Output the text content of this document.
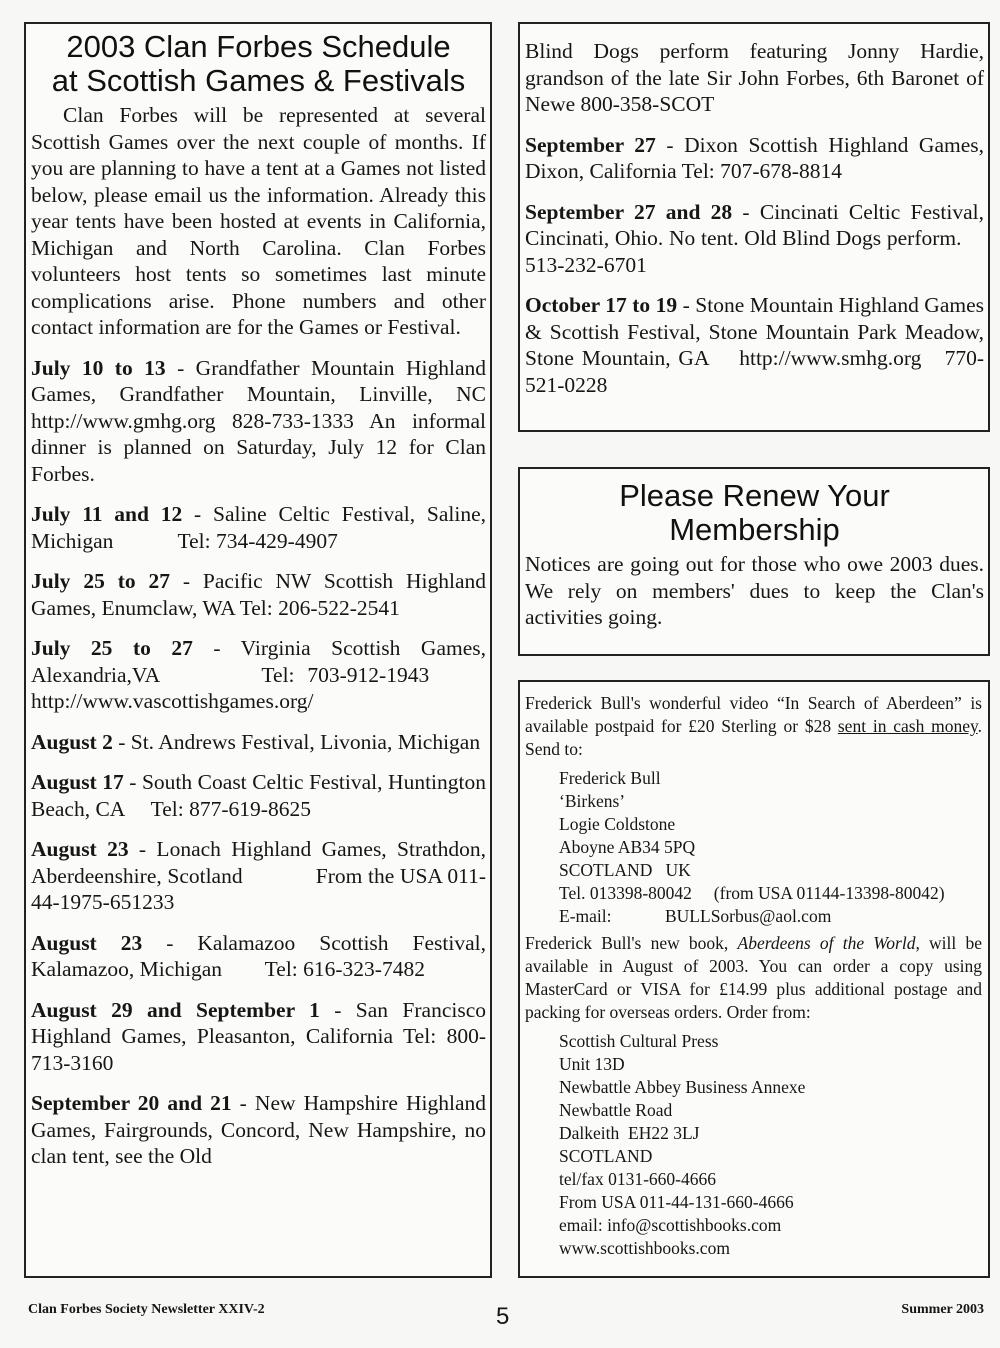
2003 Clan Forbes Schedule
at Scottish Games & Festivals

Clan Forbes will be represented at several Scottish Games over the next couple of months. If you are planning to have a tent at a Games not listed below, please email us the information. Already this year tents have been hosted at events in California, Michigan and North Carolina. Clan Forbes volunteers host tents so sometimes last minute complications arise. Phone numbers and other contact information are for the Games or Festival.

July 10 to 13 - Grandfather Mountain Highland Games, Grandfather Mountain, Linville, NC http://www.gmhg.org 828-733-1333 An informal dinner is planned on Saturday, July 12 for Clan Forbes.

July 11 and 12 - Saline Celtic Festival, Saline, Michigan            Tel: 734-429-4907

July 25 to 27 - Pacific NW Scottish Highland Games, Enumclaw, WA Tel: 206-522-2541

July 25 to 27 - Virginia Scottish Games, Alexandria,VA        Tel: 703-912-1943      http://www.vascottishgames.org/

August 2 - St. Andrews Festival, Livonia, Michigan

August 17 - South Coast Celtic Festival, Huntington Beach, CA     Tel: 877-619-8625

August 23 - Lonach Highland Games, Strathdon, Aberdeenshire, Scotland             From the USA 011-44-1975-651233

August 23 - Kalamazoo Scottish Festival, Kalamazoo, Michigan        Tel: 616-323-7482

August 29 and September 1 - San Francisco Highland Games, Pleasanton, California Tel: 800-713-3160

September 20 and 21 - New Hampshire Highland Games, Fairgrounds, Concord, New Hampshire, no clan tent, see the Old

Blind Dogs perform featuring Jonny Hardie, grandson of the late Sir John Forbes, 6th Baronet of Newe 800-358-SCOT

September 27 - Dixon Scottish Highland Games, Dixon, California Tel: 707-678-8814

September 27 and 28 - Cincinati Celtic Festival, Cincinati, Ohio. No tent. Old Blind Dogs perform.     513-232-6701

October 17 to 19 - Stone Mountain Highland Games & Scottish Festival, Stone Mountain Park Meadow, Stone Mountain, GA    http://www.smhg.org   770-521-0228

Please Renew Your
Membership

Notices are going out for those who owe 2003 dues. We rely on members' dues to keep the Clan's activities going.

Frederick Bull's wonderful video “In Search of Aberdeen” is available postpaid for £20 Sterling or $28 sent in cash money. Send to:

Frederick Bull
‘Birkens’
Logie Coldstone
Aboyne AB34 5PQ
SCOTLAND   UK
Tel. 013398-80042     (from USA 01144-13398-80042)
E-mail:	BULLSorbus@aol.com

Frederick Bull's new book, Aberdeens of the World, will be available in August of 2003. You can order a copy using MasterCard or VISA for £14.99 plus additional postage and packing for overseas orders. Order from:

Scottish Cultural Press
Unit 13D
Newbattle Abbey Business Annexe
Newbattle Road
Dalkeith  EH22 3LJ
SCOTLAND
tel/fax 0131-660-4666
From USA 011-44-131-660-4666
email: info@scottishbooks.com
www.scottishbooks.com
Clan Forbes Society Newsletter XXIV-2	5	Summer 2003
